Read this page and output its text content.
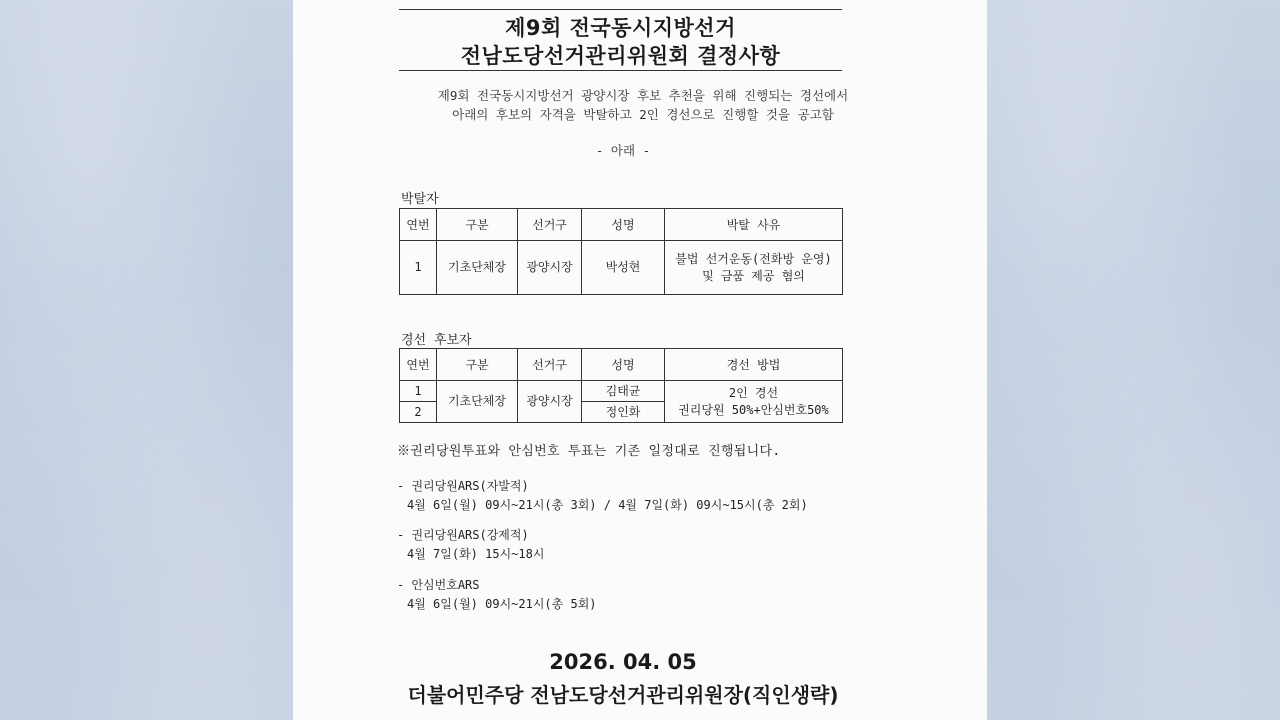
제9회 전국동시지방선거
전남도당선거관리위원회 결정사항
제9회 전국동시지방선거 광양시장 후보 추천을 위해 진행되는 경선에서
아래의 후보의 자격을 박탈하고 2인 경선으로 진행할 것을 공고함
- 아래 -
박탈자
연번	구분	선거구	성명	박탈 사유
1	기초단체장	광양시장	박성현	불법 선거운동(전화방 운영)
및 금품 제공 혐의
경선 후보자
연번	구분	선거구	성명	경선 방법
1	기초단체장	광양시장	김태균	2인 경선
권리당원 50%+안심번호50%

2			정인화	
※권리당원투표와 안심번호 투표는 기존 일정대로 진행됩니다.
- 권리당원ARS(자발적)
4월 6일(월) 09시~21시(총 3회) / 4월 7일(화) 09시~15시(총 2회)
- 권리당원ARS(강제적)
4월 7일(화) 15시~18시
- 안심번호ARS
4월 6일(월) 09시~21시(총 5회)
2026. 04. 05
더불어민주당 전남도당선거관리위원장(직인생략)
